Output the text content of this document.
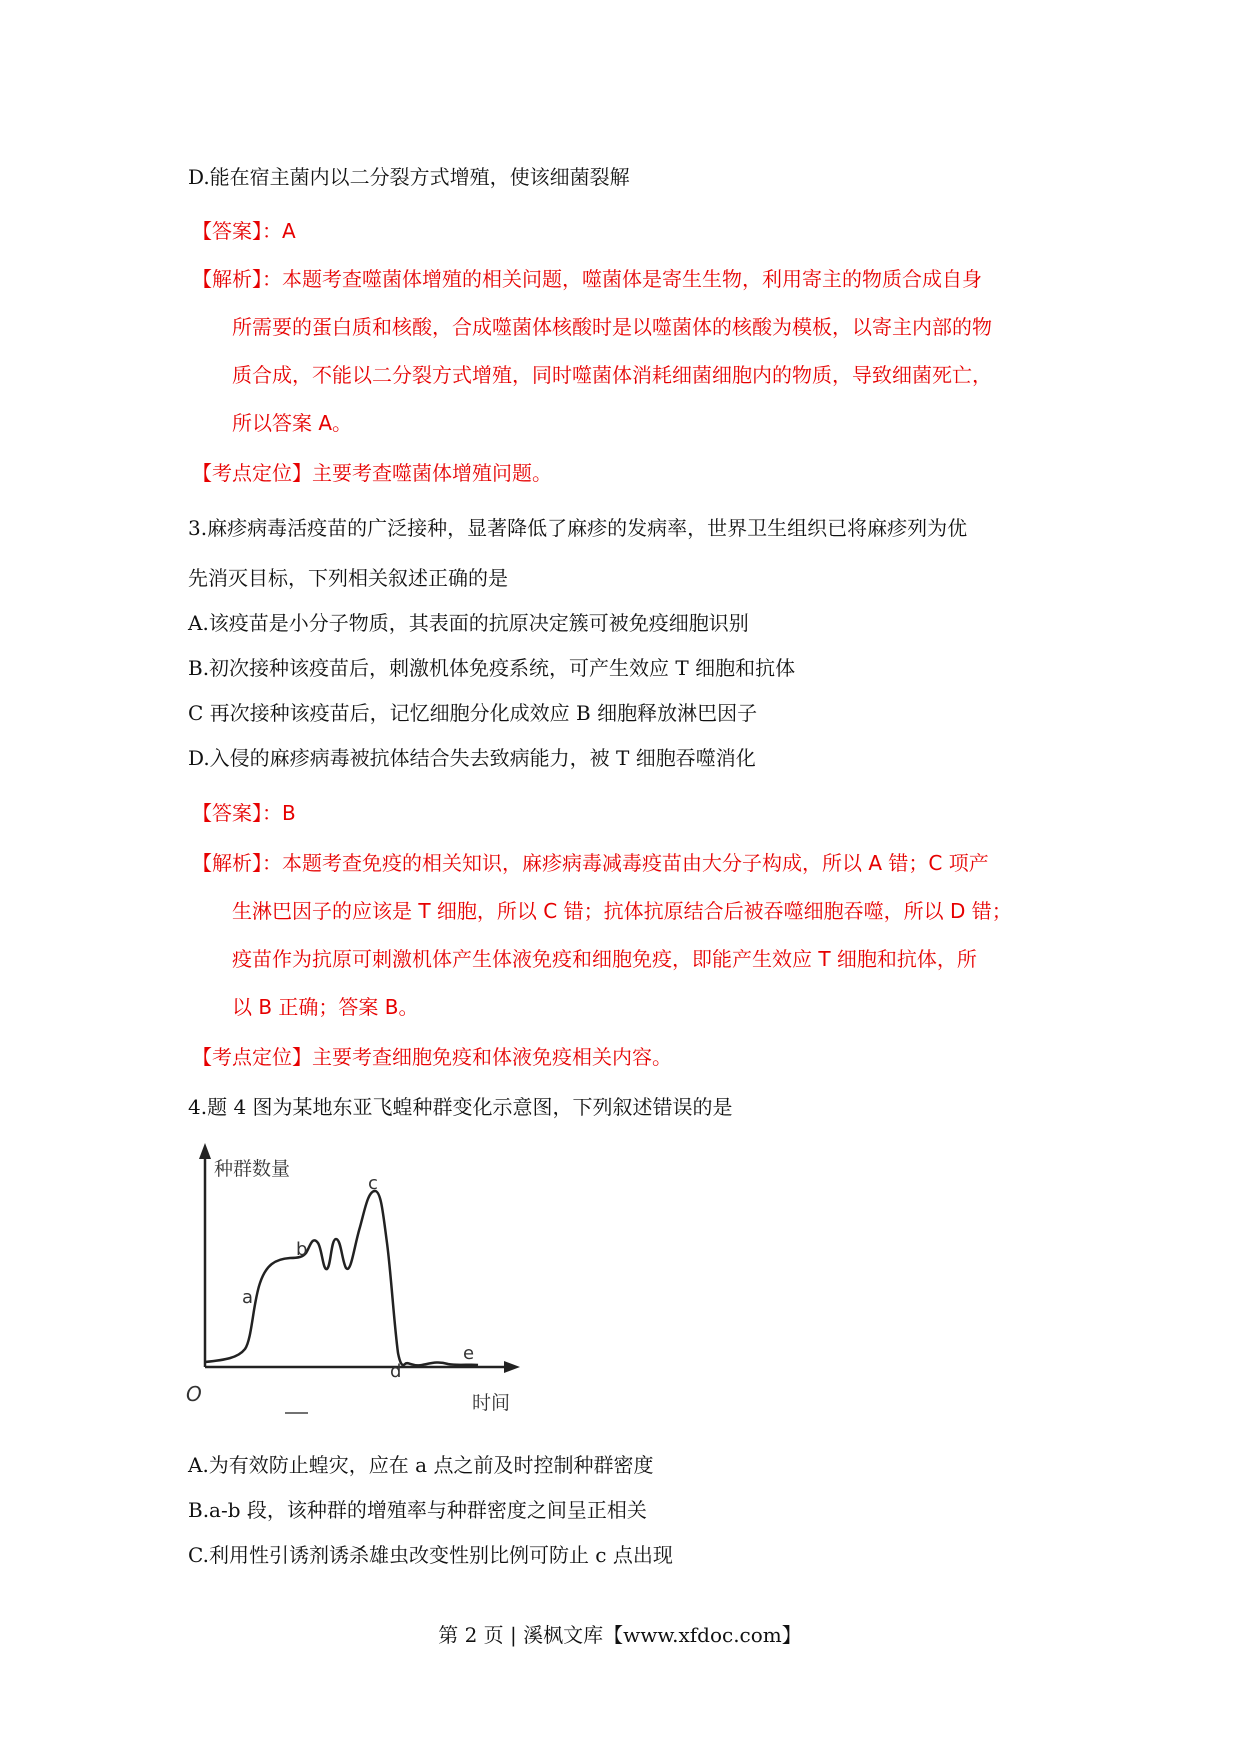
D.能在宿主菌内以二分裂方式增殖，使该细菌裂解
【答案】：A
【解析】：本题考查噬菌体增殖的相关问题，噬菌体是寄生生物，利用寄主的物质合成自身
所需要的蛋白质和核酸，合成噬菌体核酸时是以噬菌体的核酸为模板，以寄主内部的物
质合成，不能以二分裂方式增殖，同时噬菌体消耗细菌细胞内的物质，导致细菌死亡，
所以答案 A。
【考点定位】主要考查噬菌体增殖问题。
3.麻疹病毒活疫苗的广泛接种，显著降低了麻疹的发病率，世界卫生组织已将麻疹列为优
先消灭目标，下列相关叙述正确的是
A.该疫苗是小分子物质，其表面的抗原决定簇可被免疫细胞识别
B.初次接种该疫苗后，刺激机体免疫系统，可产生效应 T 细胞和抗体
C 再次接种该疫苗后，记忆细胞分化成效应 B 细胞释放淋巴因子
D.入侵的麻疹病毒被抗体结合失去致病能力，被 T 细胞吞噬消化
【答案】：B
【解析】：本题考查免疫的相关知识，麻疹病毒减毒疫苗由大分子构成，所以 A 错；C 项产
生淋巴因子的应该是 T 细胞，所以 C 错；抗体抗原结合后被吞噬细胞吞噬，所以 D 错；
疫苗作为抗原可刺激机体产生体液免疫和细胞免疫，即能产生效应 T 细胞和抗体，所
以 B 正确；答案 B。
【考点定位】主要考查细胞免疫和体液免疫相关内容。
4.题 4 图为某地东亚飞蝗种群变化示意图，下列叙述错误的是
种群数量
时间
O
a
b
c
d
e
A.为有效防止蝗灾，应在 a 点之前及时控制种群密度
B.a-b 段，该种群的增殖率与种群密度之间呈正相关
C.利用性引诱剂诱杀雄虫改变性别比例可防止 c 点出现
第 2 页 | 溪枫文库【www.xfdoc.com】
